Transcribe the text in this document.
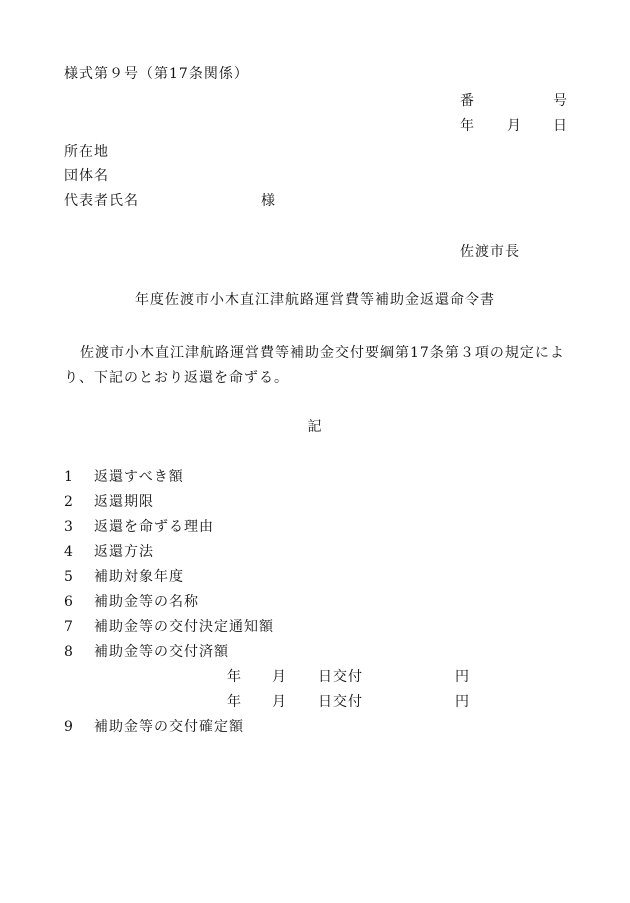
様式第９号（第17条関係）
番	号
年 月 日
所在地
団体名
代表者氏名	様
佐渡市長
年度佐渡市小木直江津航路運営費等補助金返還命令書
佐渡市小木直江津航路運営費等補助金交付要綱第17条第３項の規定によ
り、下記のとおり返還を命ずる。
記
1 返還すべき額
2 返還期限
3 返還を命ずる理由
4 返還方法
5 補助対象年度
6 補助金等の名称
7 補助金等の交付決定通知額
8 補助金等の交付済額
年 月 日交付	円
年 月 日交付	円
9 補助金等の交付確定額
